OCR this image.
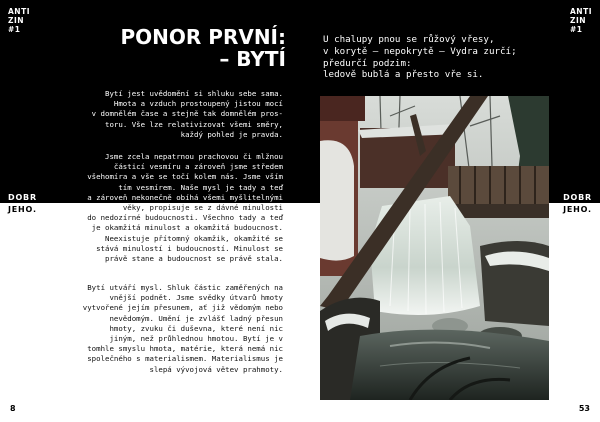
ANTI
ZIN
#1	PONOR PRVNÍ:
– BYTÍ
Bytí jest uvědomění si shluku sebe sama.
Hmota a vzduch prostoupený jistou mocí
v domnělém čase a stejně tak domnělém pros-
toru. Vše lze relativizovat všemi směry,
každý pohled je pravda.
Jsme zcela nepatrnou prachovou či mlžnou
částicí vesmíru a zároveň jsme středem
všehomíra a vše se točí kolem nás. Jsme vším
tím vesmírem. Naše mysl je tady a teď
a zároveň nekonečně obíhá všemi myšlitelnými
věky, propisuje se z dávné minulosti
do nedozírné budoucnosti. Všechno tady a teď
je okamžitá minulost a okamžitá budoucnost.
Neexistuje přítomný okamžik, okamžité se
stává minulostí i budoucností. Minulost se
právě stane a budoucnost se právě stala.
Bytí utváří mysl. Shluk částic zaměřených na
vnější podnět. Jsme svědky útvarů hmoty
vytvořené jejím přesunem, ať již vědomým nebo
nevědomým. Umění je zvlášť ladný přesun
hmoty, zvuku či duševna, které není nic
jiným, než průhlednou hmotou. Bytí je v
tomhle smyslu hmota, matérie, která nemá nic
společného s materialismem. Materialismus je
slepá vývojová větev prahmoty.
DOBR
JEHO.
8
ANTI
ZIN
#1
DOBR
JEHO.
53
U chalupy pnou se růžový vřesy,
v korytě – nepokrytě – Vydra zurčí;
předurčí podzim:
ledově bublá a přesto vře si.
